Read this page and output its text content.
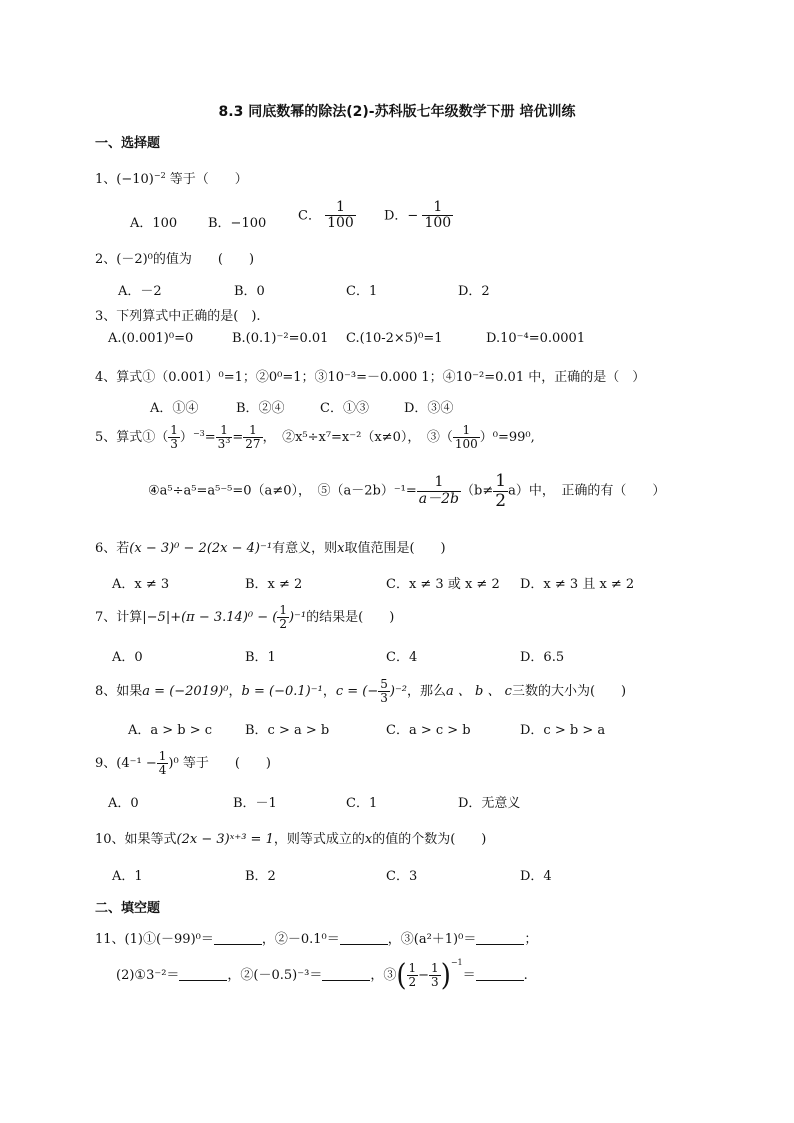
8.3 同底数幂的除法(2)-苏科版七年级数学下册 培优训练
一、选择题
1、$(-10)^{-2}$ 等于（　　）
A．100 B．−100
C． $\frac{1}{100}$ D．− $\frac{1}{100}$
2、(－2)⁰的值为　　(　　)
A．－2	B．0	C．1	D．2
3、下列算式中正确的是(　).
A.(0.001)⁰=0	B.(0.1)⁻²=0.01 C.(10-2×5)⁰=1	D.10⁻⁴=0.0001
4、算式①（0.001）⁰=1；②0⁰=1；③10⁻³=－0.000 1；④10⁻²=0.01 中，正确的是（　）
A．①④	B．②④	C．①③	D．③④
5、算式①（ $\frac{1}{3} )^{-3}= \frac{1}{3^3} = \frac{1}{27}$ ，　②x⁵÷x⁷=x⁻²（x≠0），　③（ $\frac{1}{100} )^0=99^0$,
④a⁵÷a⁵=a⁵⁻⁵=0（a≠0），　⑤（a－2b）⁻¹= $\frac{1}{a-2b} (b\ne \frac{1}{2} a)$中，　正确的有（　　）
6、若(x − 3)⁰ − 2(2x − 4)⁻¹有意义，则x取值范围是(　　)
A．x ≠ 3	B．x ≠ 2	C．x ≠ 3 或 x ≠ 2 D．x ≠ 3 且 x ≠ 2
7、计算|−5|+(π − 3.14)⁰ − ( $\frac{1}{2} )^{-1}$的结果是(　　)
A．0	B．1	C．4	D．6.5
8、如果a = (−2019)⁰，b = (−0.1)⁻¹，c = (− $\frac{5}{3} )^{-2}$，那么a 、 b 、 c三数的大小为(　　)
A．a > b > c	B．c > a > b	C．a > c > b	D．c > b > a
9、$(4^{-1} - \frac{1}{4} )^0$ 等于　　(　　)
A．0	B．－1	C．1	D．无意义
10、如果等式(2x − 3)ˣ⁺³ = 1，则等式成立的x的值的个数为(　　)
A．1	B．2	C．3	D．4
二、填空题
11、(1)①(－99)⁰＝	，②－0.1⁰＝	，③(a²＋1)⁰＝	；
(2)①3⁻²＝	，②(－0.5)⁻³＝	，③( $\frac{1}{2} - \frac{1}{3} )^{-1}=$	.
